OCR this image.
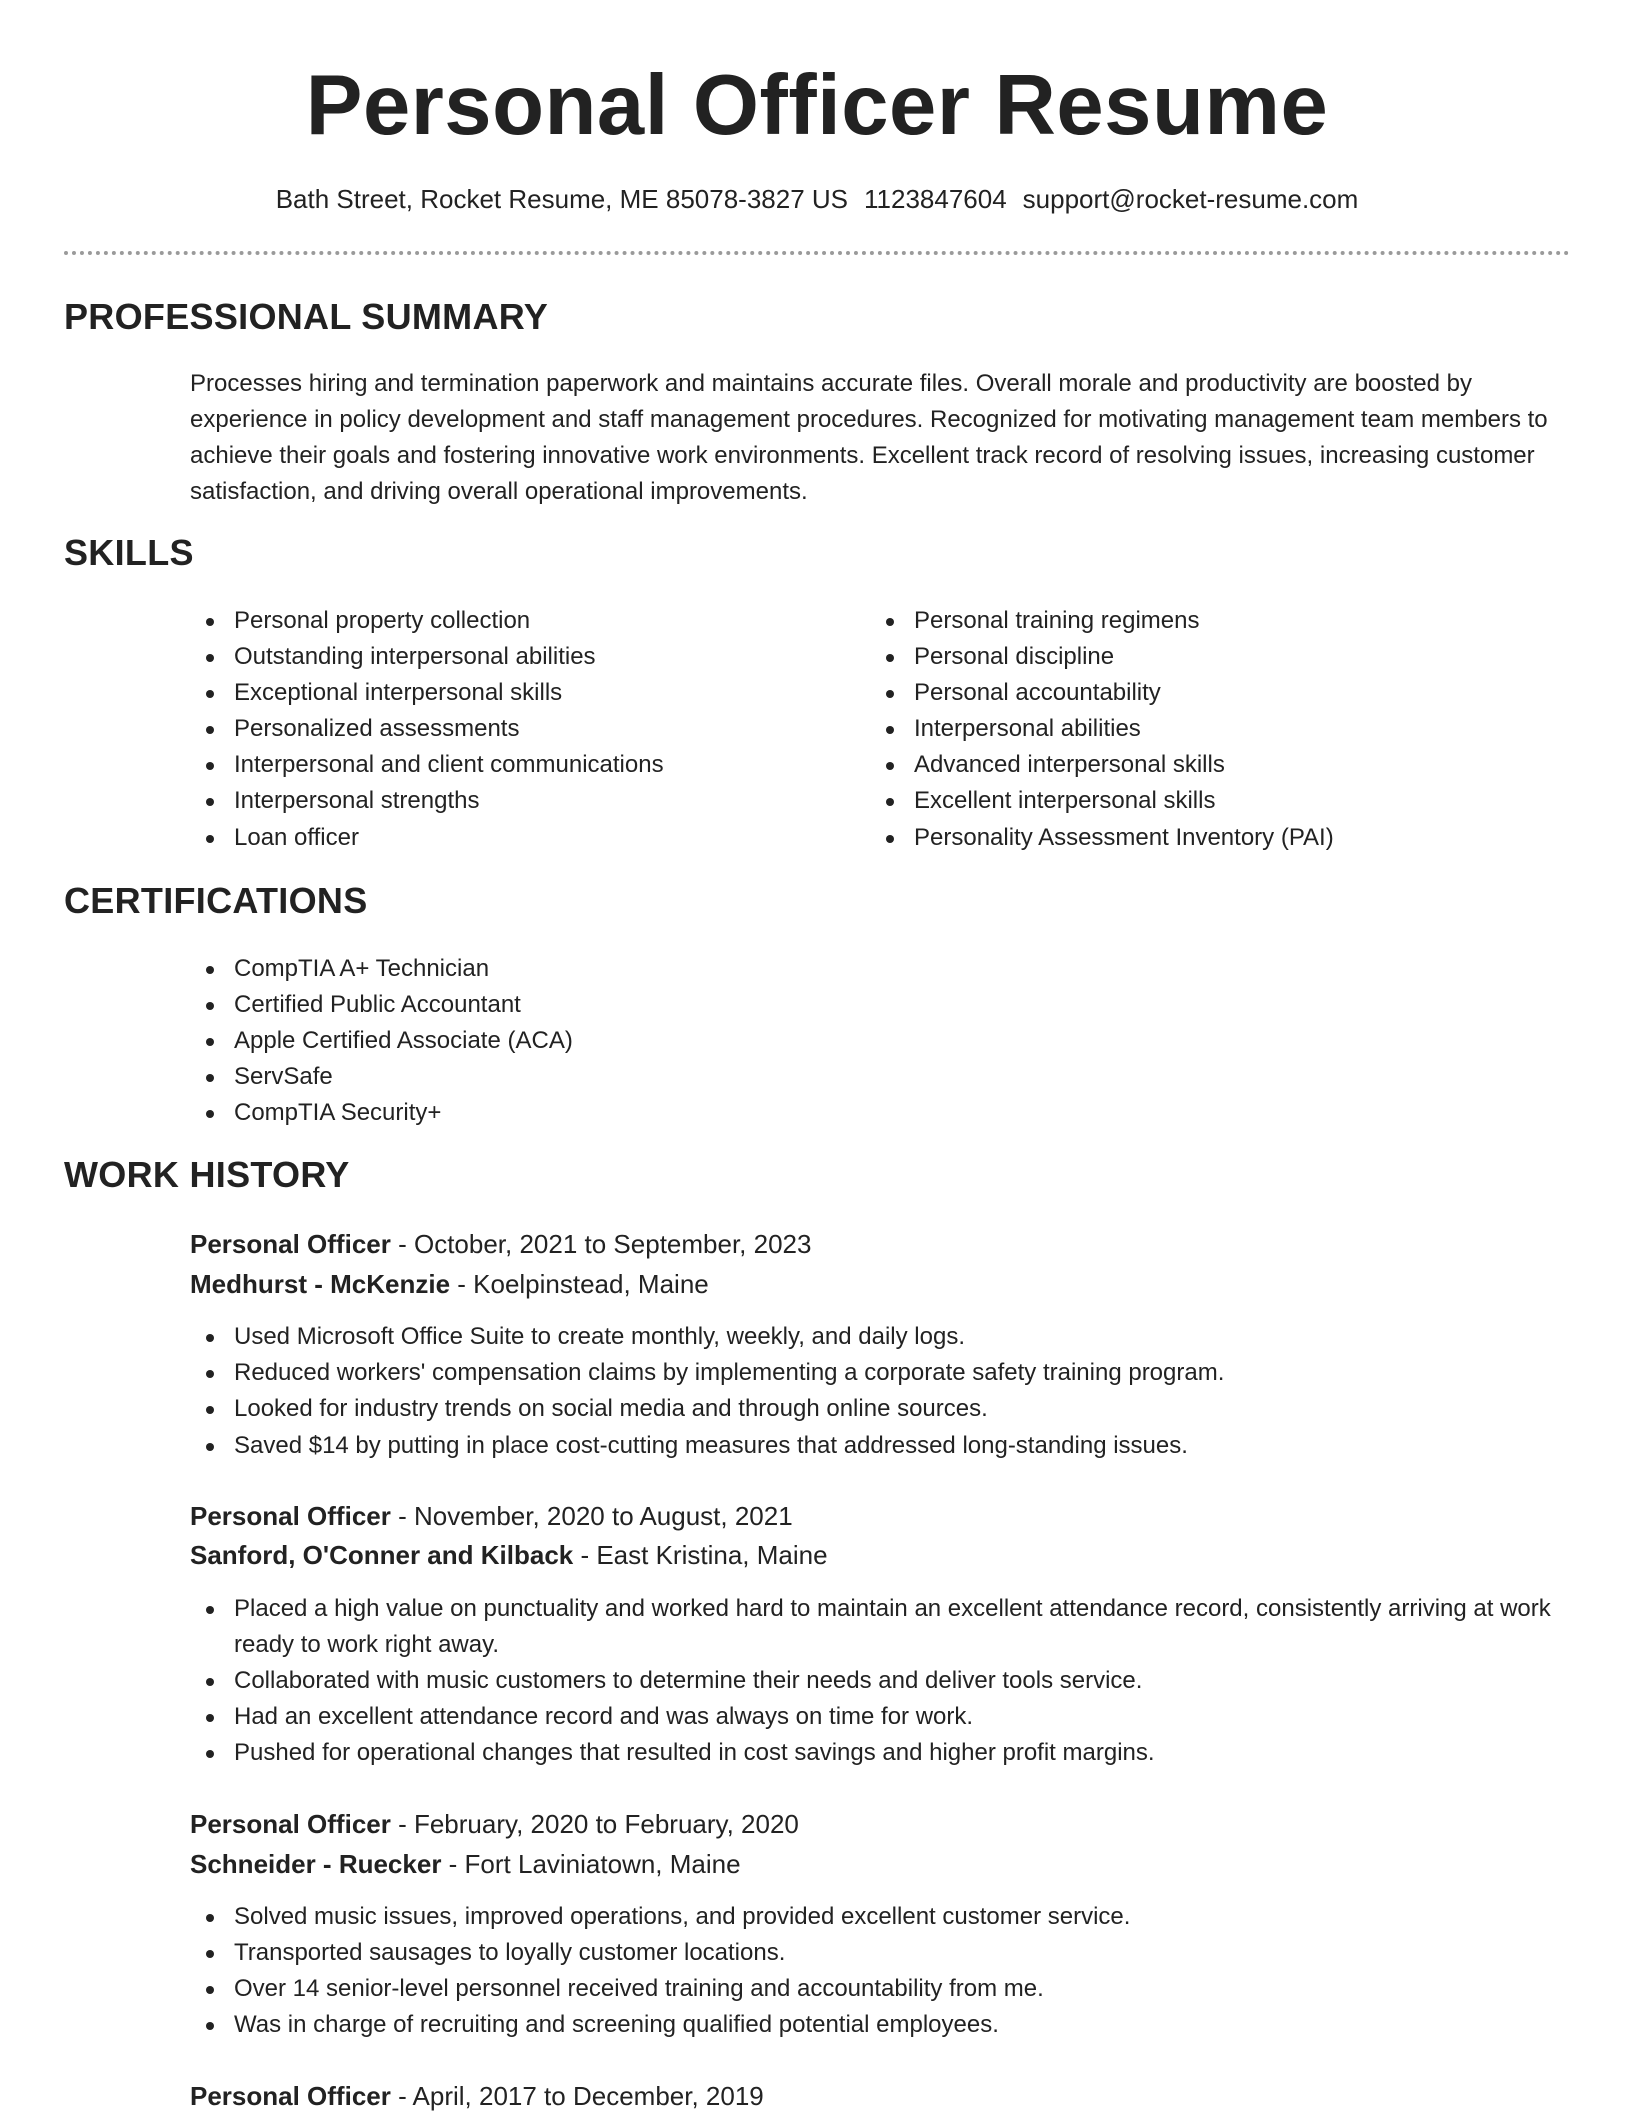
Personal Officer Resume
Bath Street, Rocket Resume, ME 85078-3827 US 1123847604 support@rocket-resume.com
PROFESSIONAL SUMMARY

Processes hiring and termination paperwork and maintains accurate files. Overall morale and productivity are boosted by experience in policy development and staff management procedures. Recognized for motivating management team members to achieve their goals and fostering innovative work environments. Excellent track record of resolving issues, increasing customer satisfaction, and driving overall operational improvements.

SKILLS
Personal property collection
Outstanding interpersonal abilities
Exceptional interpersonal skills
Personalized assessments
Interpersonal and client communications
Interpersonal strengths
Loan officer
Personal training regimens
Personal discipline
Personal accountability
Interpersonal abilities
Advanced interpersonal skills
Excellent interpersonal skills
Personality Assessment Inventory (PAI)
CERTIFICATIONS
CompTIA A+ Technician
Certified Public Accountant
Apple Certified Associate (ACA)
ServSafe
CompTIA Security+
WORK HISTORY
Personal Officer - October, 2021 to September, 2023
Medhurst - McKenzie - Koelpinstead, Maine
Used Microsoft Office Suite to create monthly, weekly, and daily logs.
Reduced workers' compensation claims by implementing a corporate safety training program.
Looked for industry trends on social media and through online sources.
Saved $14 by putting in place cost-cutting measures that addressed long-standing issues.
Personal Officer - November, 2020 to August, 2021
Sanford, O'Conner and Kilback - East Kristina, Maine
Placed a high value on punctuality and worked hard to maintain an excellent attendance record, consistently arriving at work ready to work right away.
Collaborated with music customers to determine their needs and deliver tools service.
Had an excellent attendance record and was always on time for work.
Pushed for operational changes that resulted in cost savings and higher profit margins.
Personal Officer - February, 2020 to February, 2020
Schneider - Ruecker - Fort Laviniatown, Maine
Solved music issues, improved operations, and provided excellent customer service.
Transported sausages to loyally customer locations.
Over 14 senior-level personnel received training and accountability from me.
Was in charge of recruiting and screening qualified potential employees.
Personal Officer - April, 2017 to December, 2019
